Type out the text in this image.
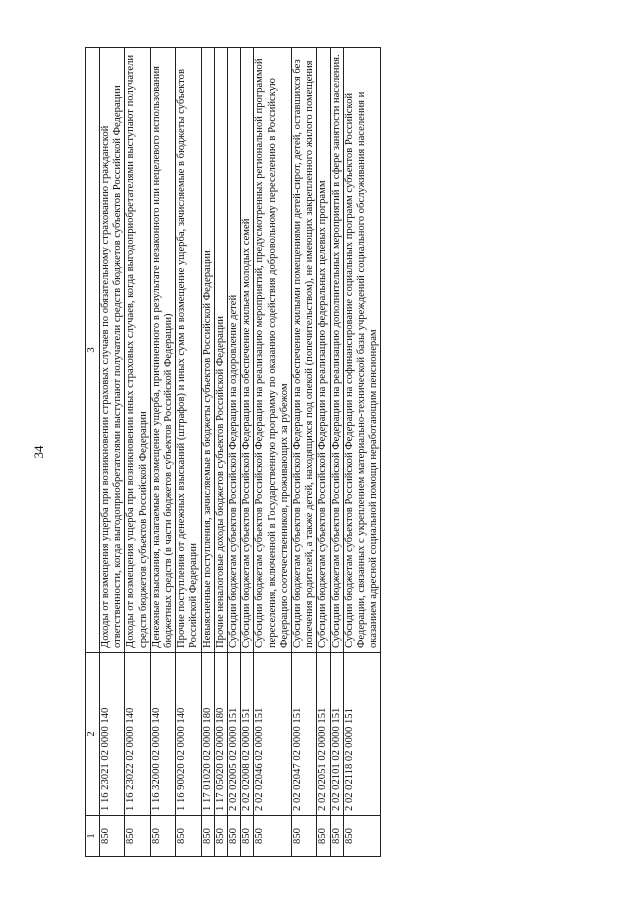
34
1	2	3
850	1 16 23021 02 0000 140	Доходы от возмещения ущерба при возникновении страховых случаев по обязательному страхованию гражданской ответственности, когда выгодоприобретателями выступают получатели средств бюджетов субъектов Российской Федерации
850	1 16 23022 02 0000 140	Доходы от возмещения ущерба при возникновении иных страховых случаев, когда выгодоприобретателями выступают получатели средств бюджетов субъектов Российской Федерации
850	1 16 32000 02 0000 140	Денежные взыскания, налагаемые в возмещение ущерба, причиненного в результате незаконного или нецелевого использования бюджетных средств (в части бюджетов субъектов Российской Федерации)
850	1 16 90020 02 0000 140	Прочие поступления от денежных взысканий (штрафов) и иных сумм в возмещение ущерба, зачисляемые в бюджеты субъектов Российской Федерации
850	1 17 01020 02 0000 180	Невыясненные поступления, зачисляемые в бюджеты субъектов Российской Федерации
850	1 17 05020 02 0000 180	Прочие неналоговые доходы бюджетов субъектов Российской Федерации
850	2 02 02005 02 0000 151	Субсидии бюджетам субъектов Российской Федерации на оздоровление детей
850	2 02 02008 02 0000 151	Субсидии бюджетам субъектов Российской Федерации на обеспечение жильем молодых семей
850	2 02 02046 02 0000 151	Субсидии бюджетам субъектов Российской Федерации на реализацию мероприятий, предусмотренных региональной программой переселения, включенной в Государственную программу по оказанию содействия добровольному переселению в Российскую Федерацию соотечественников, проживающих за рубежом
850	2 02 02047 02 0000 151	Субсидии бюджетам субъектов Российской Федерации на обеспечение жилыми помещениями детей-сирот, детей, оставшихся без попечения родителей, а также детей, находящихся под опекой (попечительством), не имеющих закрепленного жилого помещения
850	2 02 02051 02 0000 151	Субсидии бюджетам субъектов Российской Федерации на реализацию федеральных целевых программ
850	2 02 02101 02 0000 151	Субсидии бюджетам субъектов Российской Федерации на реализацию дополнительных мероприятий в сфере занятости населения.
850	2 02 02118 02 0000 151	Субсидии бюджетам субъектов Российской Федерации на софинансирование социальных программ субъектов Российской Федерации, связанных с укреплением материально-технической базы учреждений социального обслуживания населения и оказанием адресной социальной помощи неработающим пенсионерам
